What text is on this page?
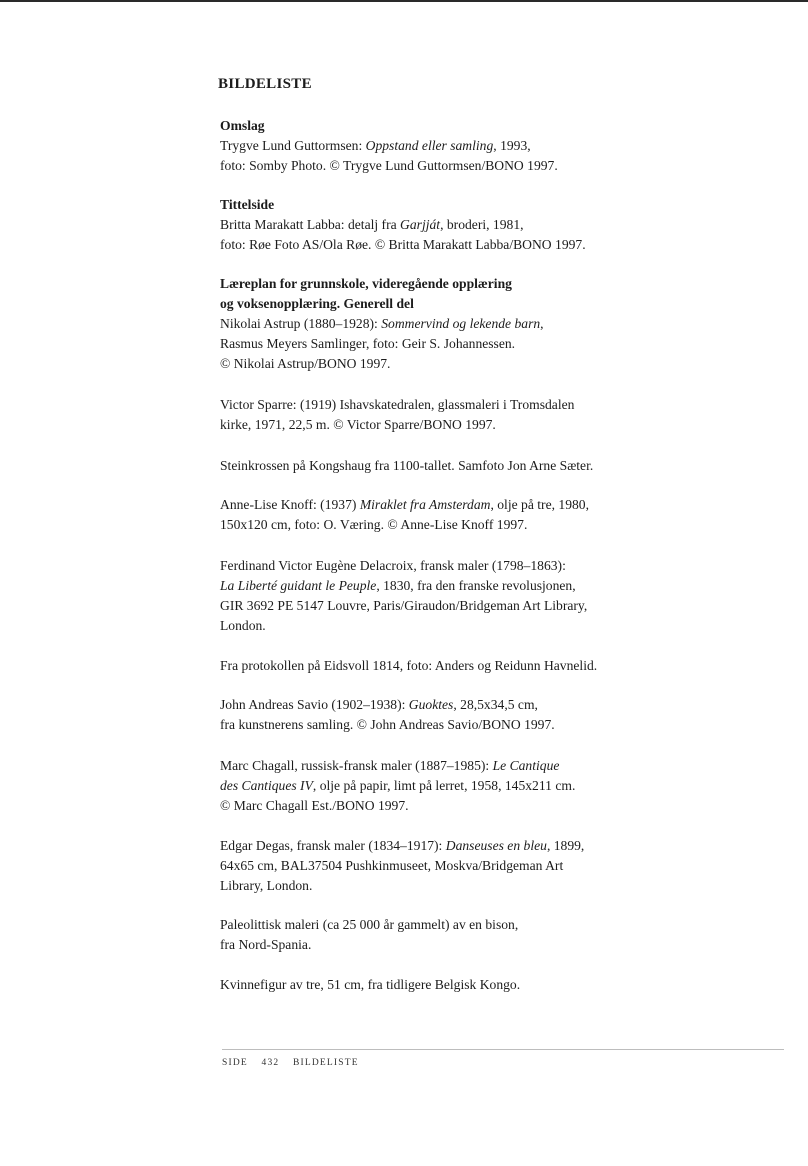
BILDELISTE
Omslag
Trygve Lund Guttormsen: Oppstand eller samling, 1993,
foto: Somby Photo. © Trygve Lund Guttormsen/BONO 1997.
Tittelside
Britta Marakatt Labba: detalj fra Garjját, broderi, 1981,
foto: Røe Foto AS/Ola Røe. © Britta Marakatt Labba/BONO 1997.
Læreplan for grunnskole, videregående opplæring
og voksenopplæring. Generell del
Nikolai Astrup (1880–1928): Sommervind og lekende barn,
Rasmus Meyers Samlinger, foto: Geir S. Johannessen.
© Nikolai Astrup/BONO 1997.
Victor Sparre: (1919) Ishavskatedralen, glassmaleri i Tromsdalen
kirke, 1971, 22,5 m. © Victor Sparre/BONO 1997.
Steinkrossen på Kongshaug fra 1100-tallet. Samfoto Jon Arne Sæter.
Anne-Lise Knoff: (1937) Miraklet fra Amsterdam, olje på tre, 1980,
150x120 cm, foto: O. Væring. © Anne-Lise Knoff 1997.
Ferdinand Victor Eugène Delacroix, fransk maler (1798–1863):
La Liberté guidant le Peuple, 1830, fra den franske revolusjonen,
GIR 3692 PE 5147 Louvre, Paris/Giraudon/Bridgeman Art Library,
London.
Fra protokollen på Eidsvoll 1814, foto: Anders og Reidunn Havnelid.
John Andreas Savio (1902–1938): Guoktes, 28,5x34,5 cm,
fra kunstnerens samling. © John Andreas Savio/BONO 1997.
Marc Chagall, russisk-fransk maler (1887–1985): Le Cantique
des Cantiques IV, olje på papir, limt på lerret, 1958, 145x211 cm.
© Marc Chagall Est./BONO 1997.
Edgar Degas, fransk maler (1834–1917): Danseuses en bleu, 1899,
64x65 cm, BAL37504 Pushkinmuseet, Moskva/Bridgeman Art
Library, London.
Paleolittisk maleri (ca 25 000 år gammelt) av en bison,
fra Nord-Spania.
Kvinnefigur av tre, 51 cm, fra tidligere Belgisk Kongo.
SIDE 432 BILDELISTE
